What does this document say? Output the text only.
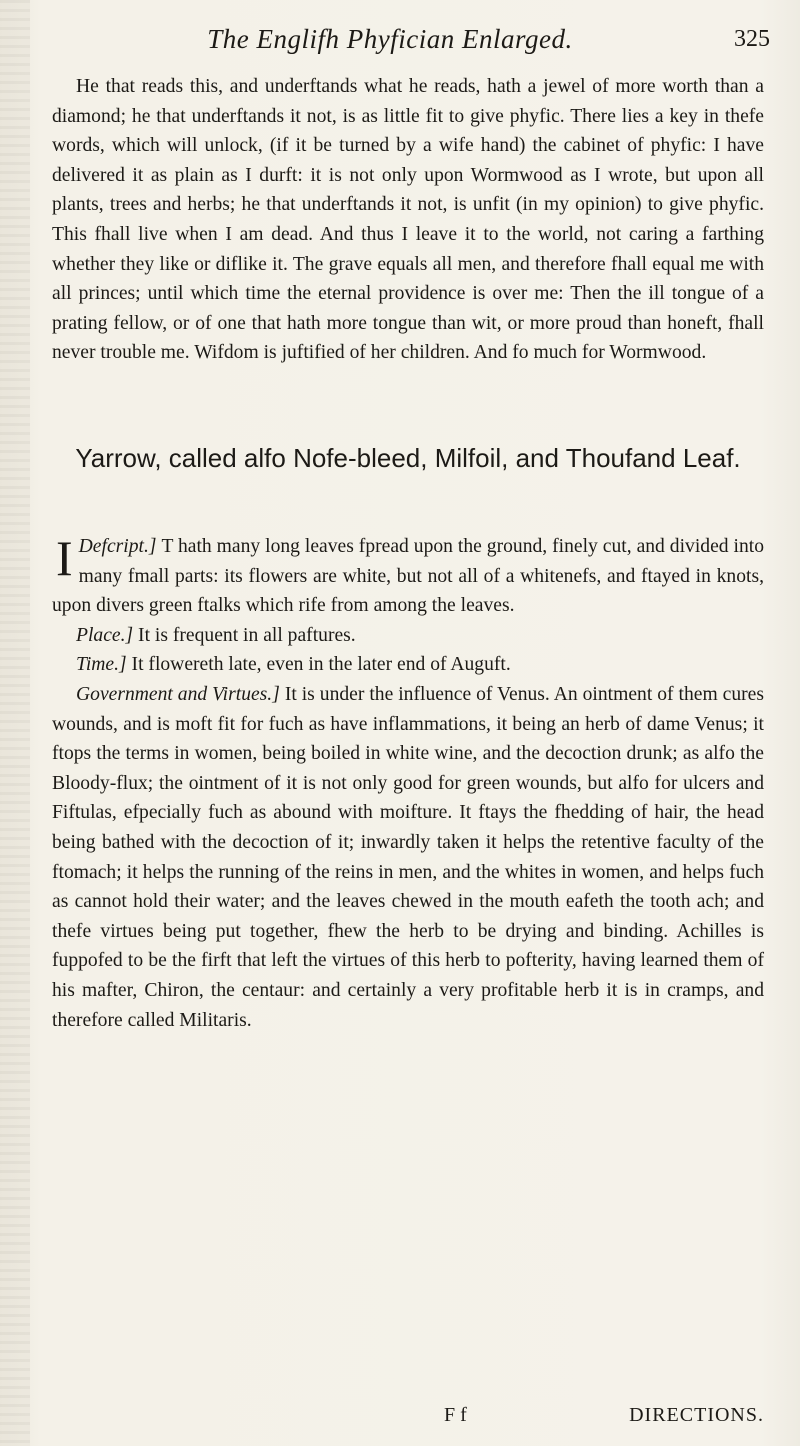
The Englifh Phyfician Enlarged.	325
He that reads this, and underftands what he reads, hath a jewel of more worth than a diamond; he that underftands it not, is as little fit to give phyfic. There lies a key in thefe words, which will unlock, (if it be turned by a wife hand) the cabinet of phyfic: I have delivered it as plain as I durft: it is not only upon Wormwood as I wrote, but upon all plants, trees and herbs; he that underftands it not, is unfit (in my opinion) to give phyfic. This fhall live when I am dead. And thus I leave it to the world, not caring a farthing whether they like or diflike it. The grave equals all men, and therefore fhall equal me with all princes; until which time the eternal providence is over me: Then the ill tongue of a prating fellow, or of one that hath more tongue than wit, or more proud than honeft, fhall never trouble me. Wifdom is juftified of her children. And fo much for Wormwood.
Yarrow, called alfo Nofe-bleed, Milfoil, and Thoufand Leaf.

Defcript.]
I	T hath many long leaves fpread upon the ground, finely cut, and divided into many fmall parts: its flowers are white, but not all of a whitenefs, and ftayed in knots, upon divers green ftalks which rife from among the leaves.

Place.] It is frequent in all paftures.

Time.] It flowereth late, even in the later end of Auguft.

Government and Virtues.] It is under the influence of Venus. An ointment of them cures wounds, and is moft fit for fuch as have inflammations, it being an herb of dame Venus; it ftops the terms in women, being boiled in white wine, and the decoction drunk; as alfo the Bloody-flux; the ointment of it is not only good for green wounds, but alfo for ulcers and Fiftulas, efpecially fuch as abound with moifture. It ftays the fhedding of hair, the head being bathed with the decoction of it; inwardly taken it helps the retentive faculty of the ftomach; it helps the running of the reins in men, and the whites in women, and helps fuch as cannot hold their water; and the leaves chewed in the mouth eafeth the tooth ach; and thefe virtues being put together, fhew the herb to be drying and binding. Achilles is fuppofed to be the firft that left the virtues of this herb to pofterity, having learned them of his mafter, Chiron, the centaur: and certainly a very profitable herb it is in cramps, and therefore called Militaris.

F f	DIRECTIONS.
